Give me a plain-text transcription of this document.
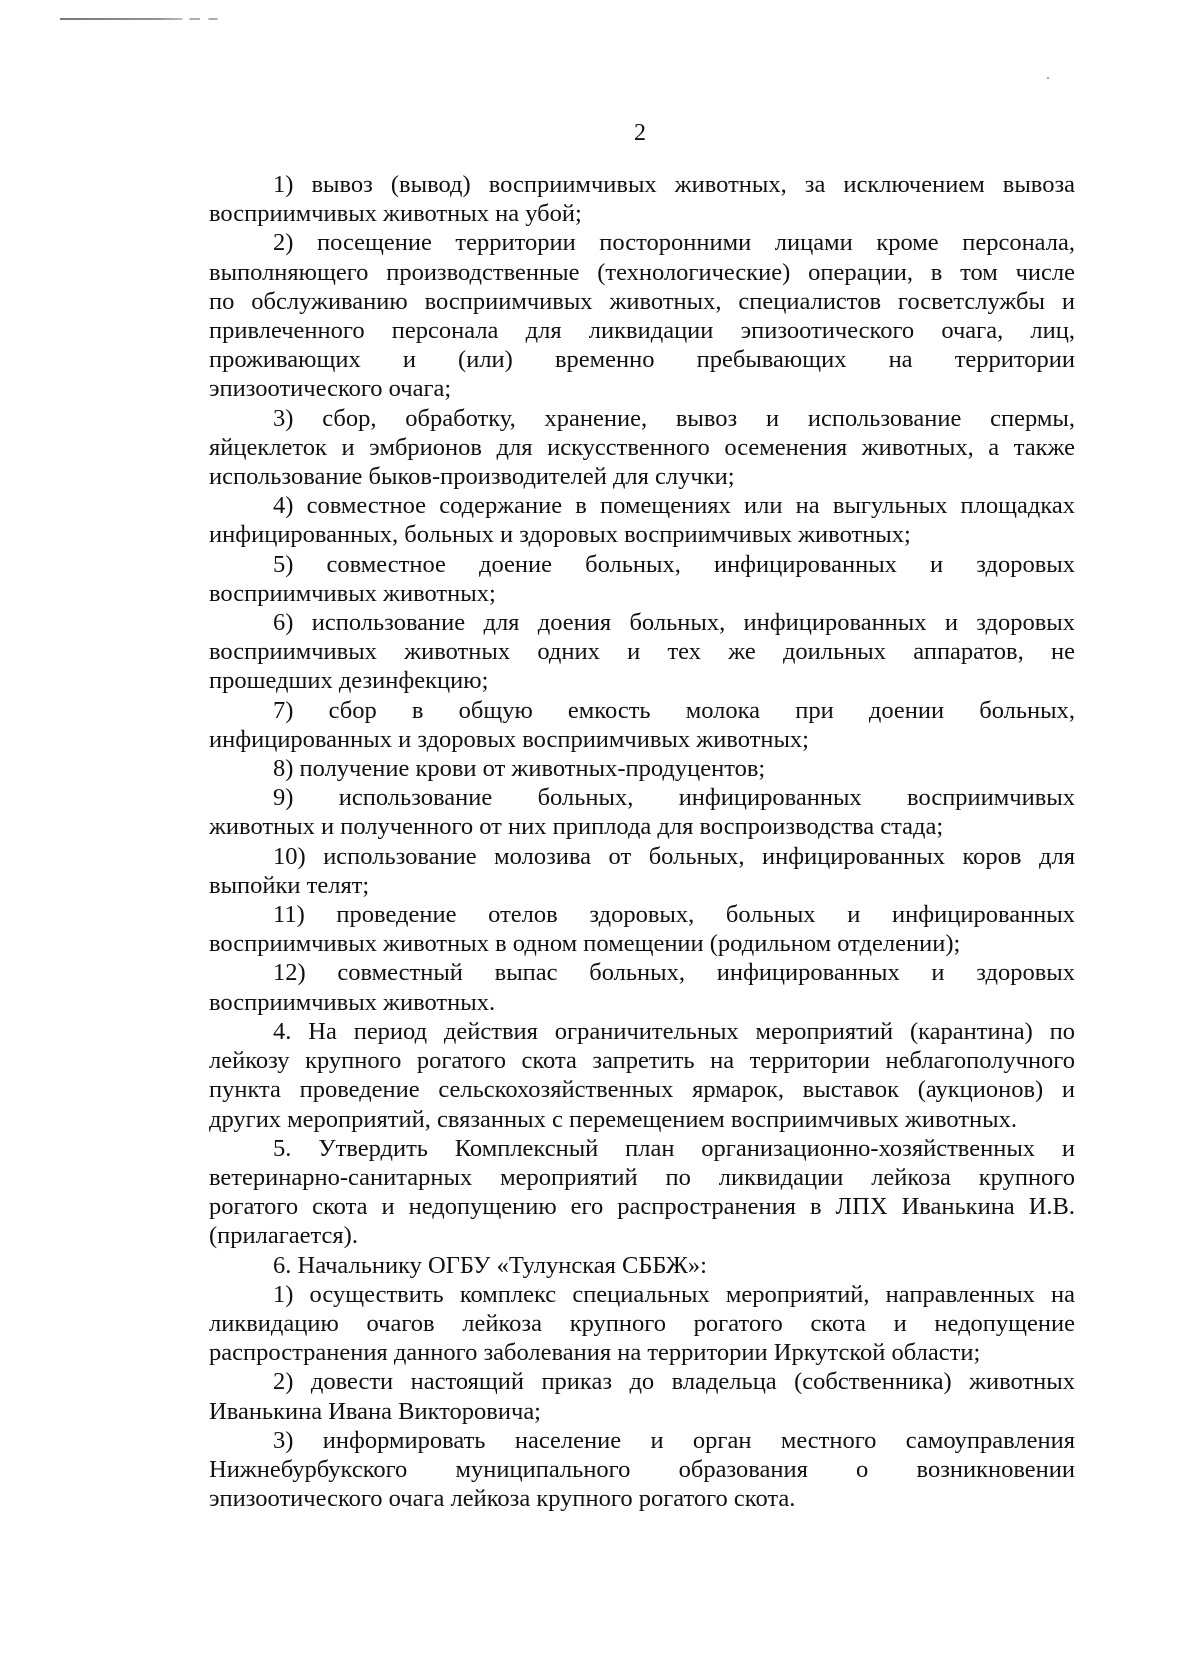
2
1) вывоз (вывод) восприимчивых животных, за исключением вывоза
восприимчивых животных на убой;
2) посещение территории посторонними лицами кроме персонала,
выполняющего производственные (технологические) операции, в том числе
по обслуживанию восприимчивых животных, специалистов госветслужбы и
привлеченного персонала для ликвидации эпизоотического очага, лиц,
проживающих и (или) временно пребывающих на территории
эпизоотического очага;
3) сбор, обработку, хранение, вывоз и использование спермы,
яйцеклеток и эмбрионов для искусственного осеменения животных, а также
использование быков-производителей для случки;
4) совместное содержание в помещениях или на выгульных площадках
инфицированных, больных и здоровых восприимчивых животных;
5) совместное доение больных, инфицированных и здоровых
восприимчивых животных;
6) использование для доения больных, инфицированных и здоровых
восприимчивых животных одних и тех же доильных аппаратов, не
прошедших дезинфекцию;
7) сбор в общую емкость молока при доении больных,
инфицированных и здоровых восприимчивых животных;
8) получение крови от животных-продуцентов;
9) использование больных, инфицированных восприимчивых
животных и полученного от них приплода для воспроизводства стада;
10) использование молозива от больных, инфицированных коров для
выпойки телят;
11) проведение отелов здоровых, больных и инфицированных
восприимчивых животных в одном помещении (родильном отделении);
12) совместный выпас больных, инфицированных и здоровых
восприимчивых животных.
4. На период действия ограничительных мероприятий (карантина) по
лейкозу крупного рогатого скота запретить на территории неблагополучного
пункта проведение сельскохозяйственных ярмарок, выставок (аукционов) и
других мероприятий, связанных с перемещением восприимчивых животных.
5. Утвердить Комплексный план организационно-хозяйственных и
ветеринарно-санитарных мероприятий по ликвидации лейкоза крупного
рогатого скота и недопущению его распространения в ЛПХ Иванькина И.В.
(прилагается).
6. Начальнику ОГБУ «Тулунская СББЖ»:
1) осуществить комплекс специальных мероприятий, направленных на
ликвидацию очагов лейкоза крупного рогатого скота и недопущение
распространения данного заболевания на территории Иркутской области;
2) довести настоящий приказ до владельца (собственника) животных
Иванькина Ивана Викторовича;
3) информировать население и орган местного самоуправления
Нижнебурбукского муниципального образования о возникновении
эпизоотического очага лейкоза крупного рогатого скота.
